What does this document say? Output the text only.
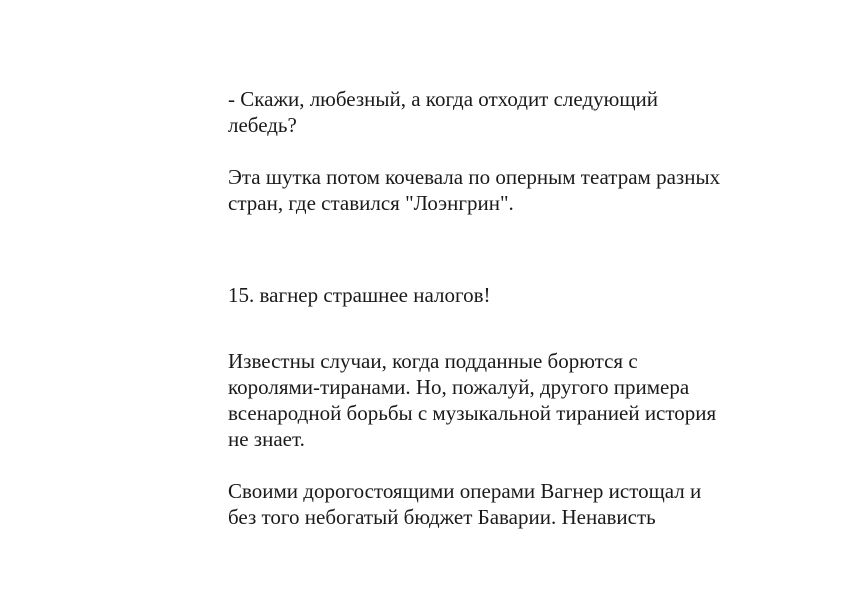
- Скажи, любезный, а когда отходит следующий
лебедь?

Эта шутка потом кочевала по оперным театрам разных
стран, где ставился "Лоэнгрин".

15. вагнер страшнее налогов!

Известны случаи, когда подданные борются с
королями-тиранами. Но, пожалуй, другого примера
всенародной борьбы с музыкальной тиранией история
не знает.

Своими дорогостоящими операми Вагнер истощал и
без того небогатый бюджет Баварии. Ненависть
